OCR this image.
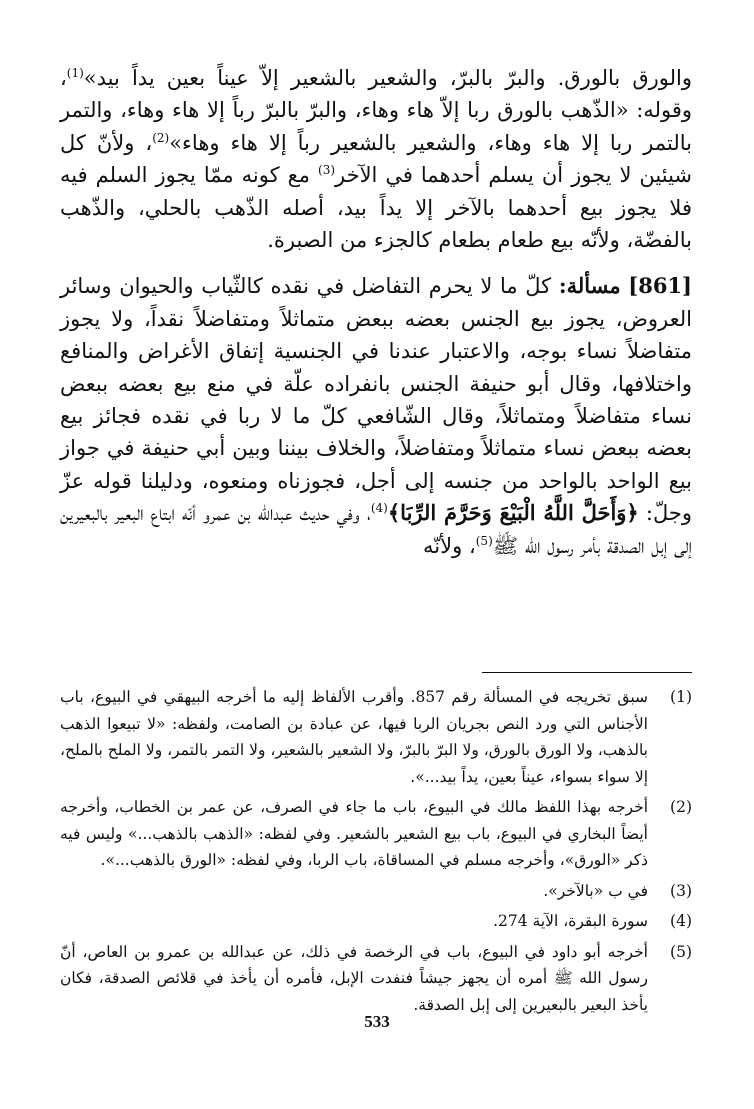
والورق بالورق. والبرّ بالبرّ، والشعير بالشعير إلاّ عيناً بعين يداً بيد»$^{(1)}$، وقوله: «الذّهب بالورق ربا إلاّ هاء وهاء، والبرّ بالبرّ رباً إلا هاء وهاء، والتمر بالتمر ربا إلا هاء وهاء، والشعير بالشعير رباً إلا هاء وهاء»$^{(2)}$، ولأنّ كل شيئين لا يجوز أن يسلم أحدهما في الآخر$^{(3)}$ مع كونه ممّا يجوز السلم فيه فلا يجوز بيع أحدهما بالآخر إلا يداً بيد، أصله الذّهب بالحلي، والذّهب بالفضّة، ولأنّه بيع طعام بطعام كالجزء من الصبرة.

[861] مسألة: كلّ ما لا يحرم التفاضل في نقده كالثّياب والحيوان وسائر العروض، يجوز بيع الجنس بعضه ببعض متماثلاً ومتفاضلاً نقداً، ولا يجوز متفاضلاً نساء بوجه، والاعتبار عندنا في الجنسية إتفاق الأغراض والمنافع واختلافها، وقال أبو حنيفة الجنس بانفراده علّة في منع بيع بعضه ببعض نساء متفاضلاً ومتماثلاً، وقال الشّافعي كلّ ما لا ربا في نقده فجائز بيع بعضه ببعض نساء متماثلاً ومتفاضلاً، والخلاف بيننا وبين أبي حنيفة في جواز بيع الواحد بالواحد من جنسه إلى أجل، فجوزناه ومنعوه، ودليلنا قوله عزّ وجلّ: ﴿وَأَحَلَّ اللَّهُ الْبَيْعَ وَحَرَّمَ الرِّبَا﴾$^{(4)}$، وفي حديث عبدالله بن عمرو أنّه ابتاع البعير بالبعيرين إلى إبل الصدقة بأمر رسول الله ﷺ$^{(5)}$، ولأنّه

(1)
سبق تخريجه في المسألة رقم 857. وأقرب الألفاظ إليه ما أخرجه البيهقي في البيوع، باب الأجناس التي ورد النص بجريان الربا فيها، عن عبادة بن الصامت، ولفظه: «لا تبيعوا الذهب بالذهب، ولا الورق بالورق، ولا البرّ بالبرّ، ولا الشعير بالشعير، ولا التمر بالتمر، ولا الملح بالملح، إلا سواء بسواء، عيناً بعين، يداً بيد...».
(2)
أخرجه بهذا اللفظ مالك في البيوع، باب ما جاء في الصرف، عن عمر بن الخطاب، وأخرجه أيضاً البخاري في البيوع، باب بيع الشعير بالشعير. وفي لفظه: «الذهب بالذهب...» وليس فيه ذكر «الورق»، وأخرجه مسلم في المساقاة، باب الربا، وفي لفظه: «الورق بالذهب...».
(3)
في ب «بالآخر».
(4)
سورة البقرة، الآية 274.
(5)
أخرجه أبو داود في البيوع، باب في الرخصة في ذلك، عن عبدالله بن عمرو بن العاص، أنّ رسول الله ﷺ أمره أن يجهز جيشاً فنفدت الإبل، فأمره أن يأخذ في قلائص الصدقة، فكان يأخذ البعير بالبعيرين إلى إبل الصدقة.
533
